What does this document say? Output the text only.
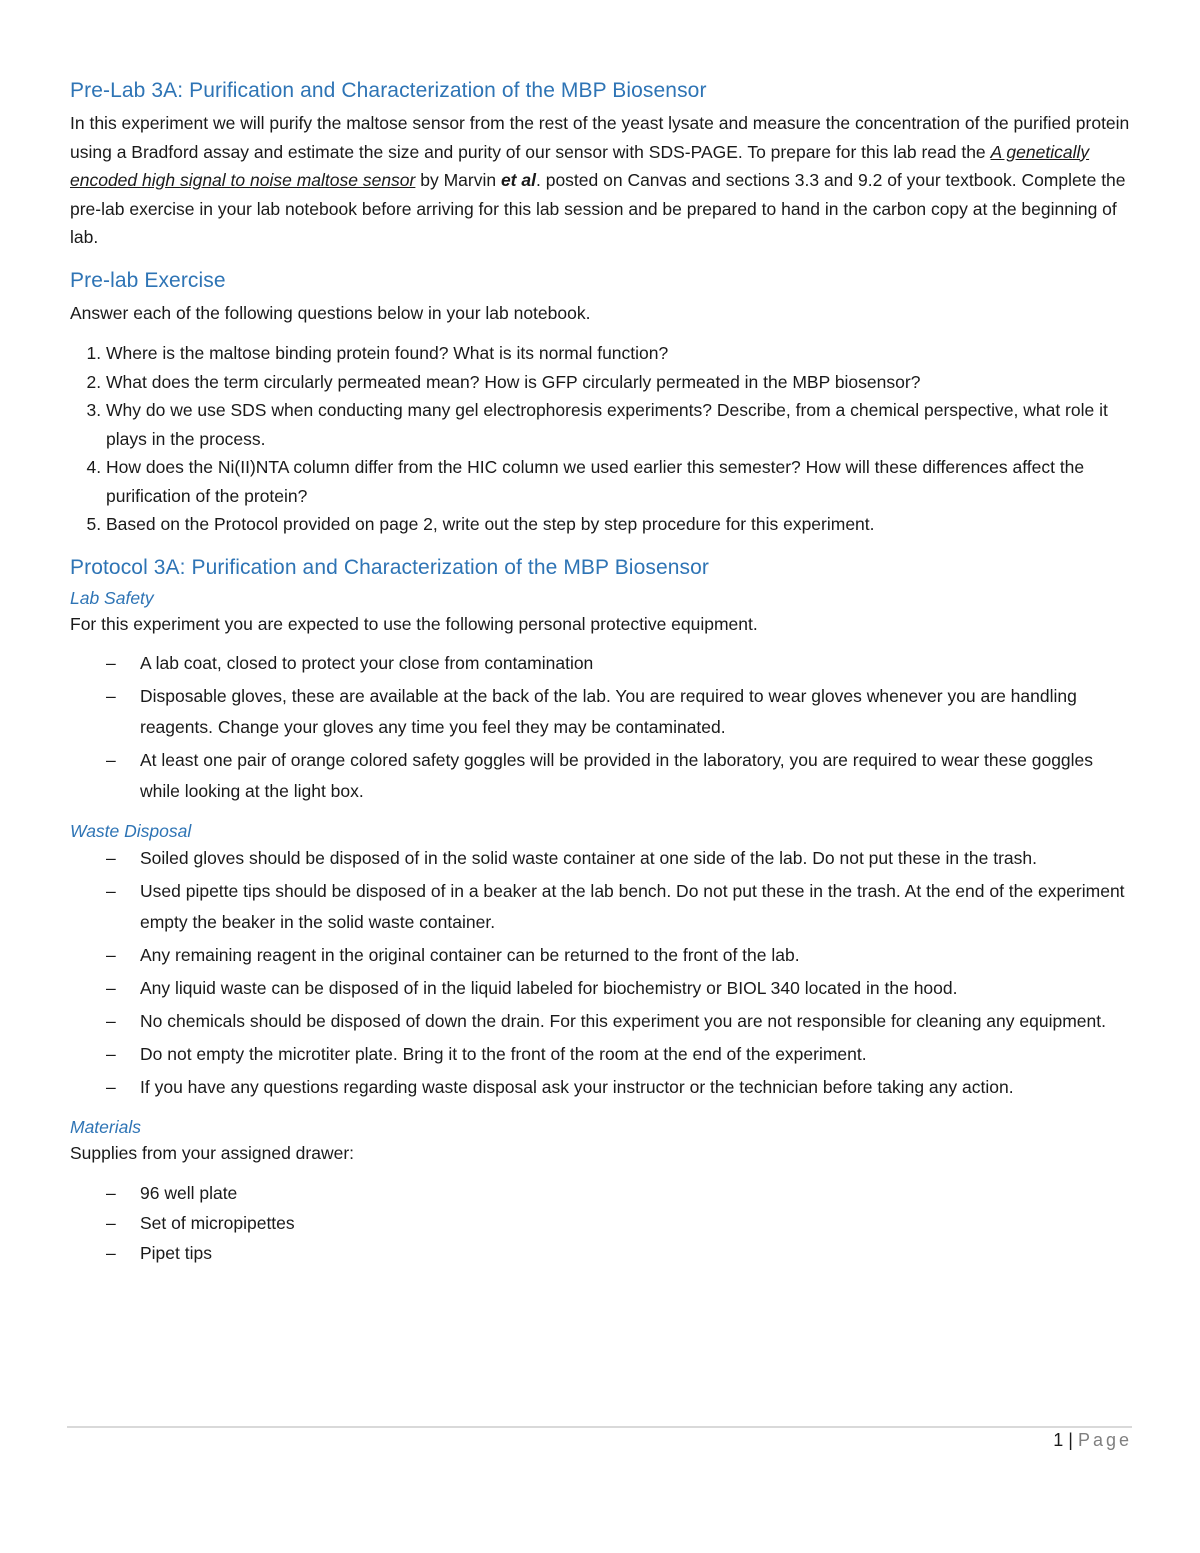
Pre-Lab 3A: Purification and Characterization of the MBP Biosensor

In this experiment we will purify the maltose sensor from the rest of the yeast lysate and measure the concentration of the purified protein using a Bradford assay and estimate the size and purity of our sensor with SDS-PAGE. To prepare for this lab read the A genetically encoded high signal to noise maltose sensor by Marvin et al. posted on Canvas and sections 3.3 and 9.2 of your textbook. Complete the pre-lab exercise in your lab notebook before arriving for this lab session and be prepared to hand in the carbon copy at the beginning of lab.

Pre-lab Exercise

Answer each of the following questions below in your lab notebook.

1. Where is the maltose binding protein found? What is its normal function?
2. What does the term circularly permeated mean? How is GFP circularly permeated in the MBP biosensor?
3. Why do we use SDS when conducting many gel electrophoresis experiments? Describe, from a chemical perspective, what role it plays in the process.
4. How does the Ni(II)NTA column differ from the HIC column we used earlier this semester? How will these differences affect the purification of the protein?
5. Based on the Protocol provided on page 2, write out the step by step procedure for this experiment.
Protocol 3A: Purification and Characterization of the MBP Biosensor
Lab Safety

For this experiment you are expected to use the following personal protective equipment.

– A lab coat, closed to protect your close from contamination
– Disposable gloves, these are available at the back of the lab. You are required to wear gloves whenever you are handling reagents. Change your gloves any time you feel they may be contaminated.
– At least one pair of orange colored safety goggles will be provided in the laboratory, you are required to wear these goggles while looking at the light box.
Waste Disposal
– Soiled gloves should be disposed of in the solid waste container at one side of the lab. Do not put these in the trash.
– Used pipette tips should be disposed of in a beaker at the lab bench. Do not put these in the trash. At the end of the experiment empty the beaker in the solid waste container.
– Any remaining reagent in the original container can be returned to the front of the lab.
– Any liquid waste can be disposed of in the liquid labeled for biochemistry or BIOL 340 located in the hood.
– No chemicals should be disposed of down the drain. For this experiment you are not responsible for cleaning any equipment.
– Do not empty the microtiter plate. Bring it to the front of the room at the end of the experiment.
– If you have any questions regarding waste disposal ask your instructor or the technician before taking any action.
Materials

Supplies from your assigned drawer:

– 96 well plate
– Set of micropipettes
– Pipet tips
1 | Page
